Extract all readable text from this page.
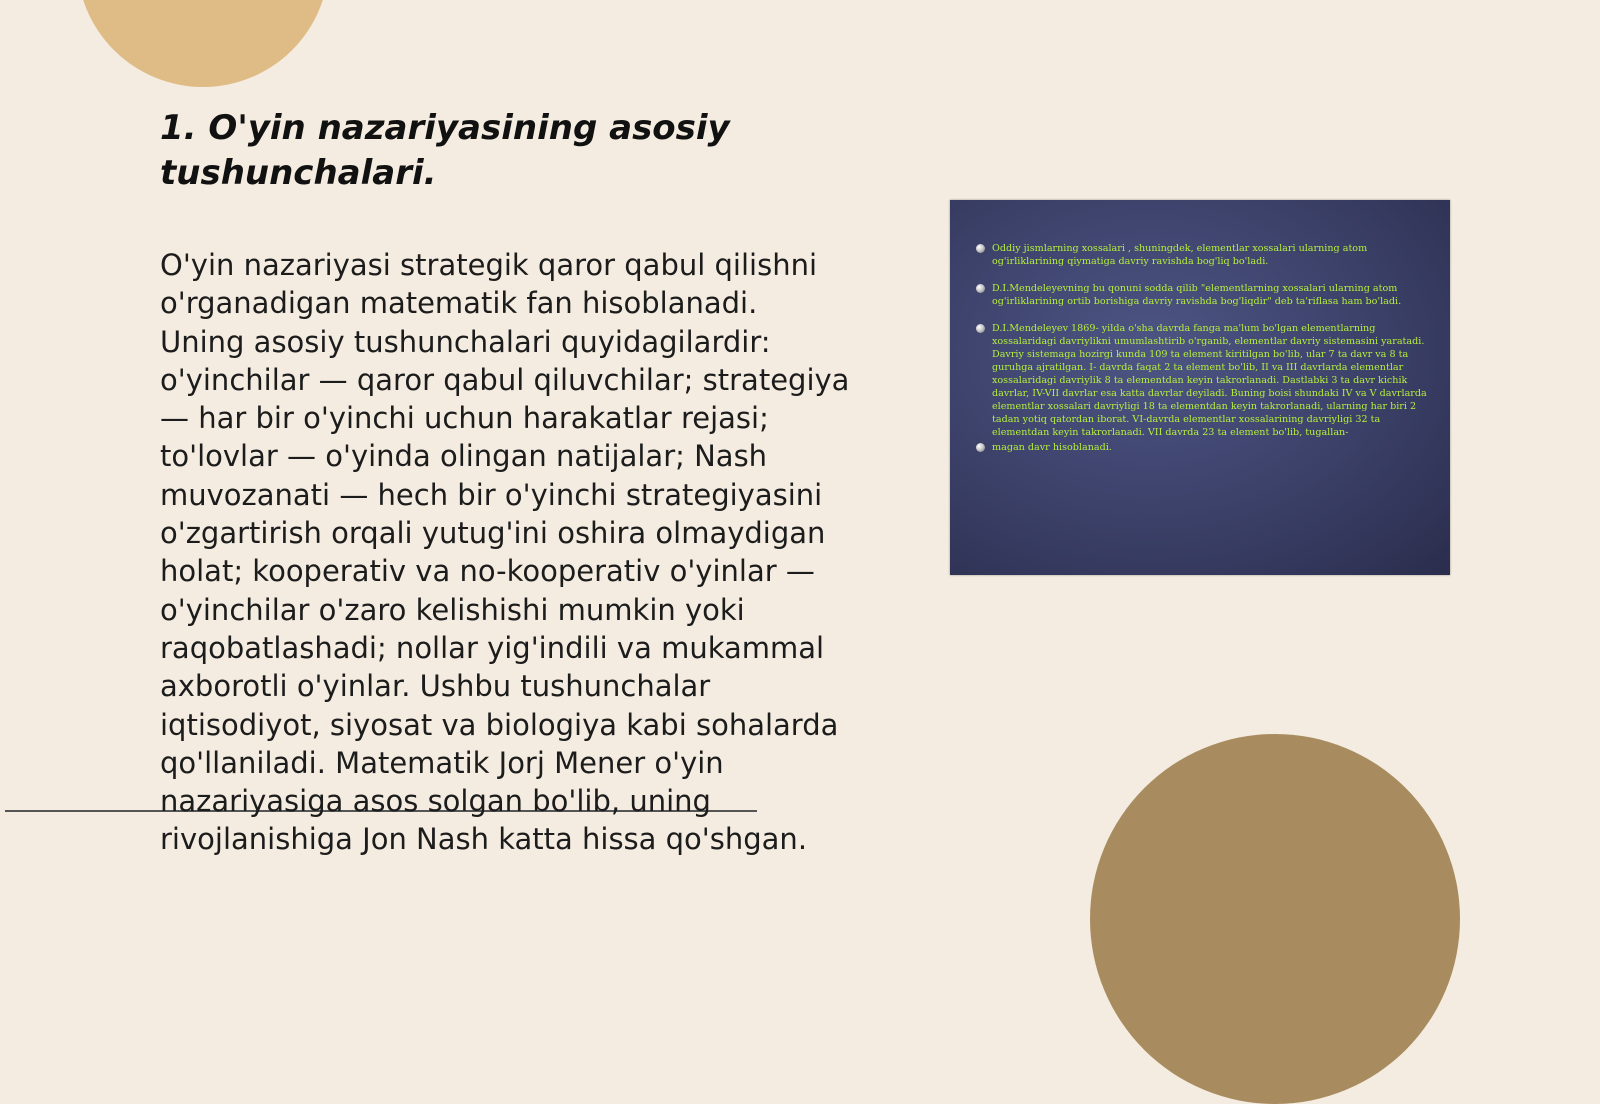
1. O'yin nazariyasining asosiy tushunchalari.
O'yin nazariyasi strategik qaror qabul qilishni o'rganadigan matematik fan hisoblanadi. Uning asosiy tushunchalari quyidagilardir: o'yinchilar — qaror qabul qiluvchilar; strategiya — har bir o'yinchi uchun harakatlar rejasi; to'lovlar — o'yinda olingan natijalar; Nash muvozanati — hech bir o'yinchi strategiyasini o'zgartirish orqali yutug'ini oshira olmaydigan holat; kooperativ va no-kooperativ o'yinlar — o'yinchilar o'zaro kelishishi mumkin yoki raqobatlashadi; nollar yig'indili va mukammal axborotli o'yinlar. Ushbu tushunchalar iqtisodiyot, siyosat va biologiya kabi sohalarda qo'llaniladi. Matematik Jorj Mener o'yin nazariyasiga asos solgan bo'lib, uning rivojlanishiga Jon Nash katta hissa qo'shgan.
Oddiy jismlarning xossalari , shuningdek, elementlar xossalari ularning atom og'irliklarining qiymatiga davriy ravishda bog'liq bo'ladi.
D.I.Mendeleyevning bu qonuni sodda qilib "elementlarning xossalari ularning atom og'irliklarining ortib borishiga davriy ravishda bog'liqdir" deb ta'riflasa ham bo'ladi.
D.I.Mendeleyev 1869- yilda o'sha davrda fanga ma'lum bo'lgan elementlarning xossalaridagi davriylikni umumlashtirib o'rganib, elementlar davriy sistemasini yaratadi. Davriy sistemaga hozirgi kunda 109 ta element kiritilgan bo'lib, ular 7 ta davr va 8 ta guruhga ajratilgan. I- davrda faqat 2 ta element bo'lib, II va III davrlarda elementlar xossalaridagi davriylik 8 ta elementdan keyin takrorlanadi. Dastlabki 3 ta davr kichik davrlar, IV-VII davrlar esa katta davrlar deyiladi. Buning boisi shundaki IV va V davrlarda elementlar xossalari davriyligi 18 ta elementdan keyin takrorlanadi, ularning har biri 2 tadan yotiq qatordan iborat. VI-davrda elementlar xossalarining davriyligi 32 ta elementdan keyin takrorlanadi. VII davrda 23 ta element bo'lib, tugallan-
magan davr hisoblanadi.
